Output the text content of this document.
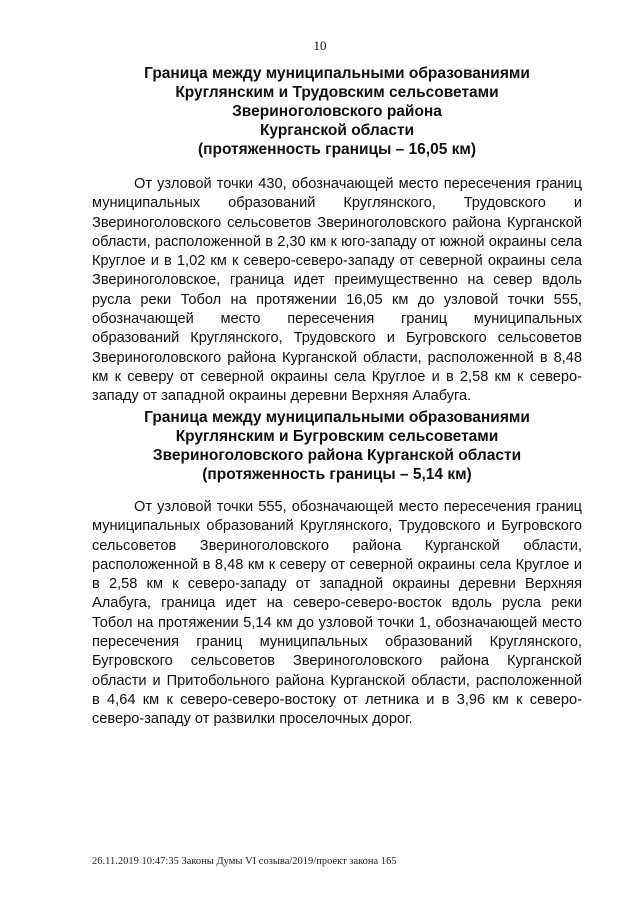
10
Граница между муниципальными образованиями
Круглянским и Трудовским сельсоветами
Звериноголовского района
Курганской области
(протяженность границы – 16,05 км)

От узловой точки 430, обозначающей место пересечения границ муниципальных образований Круглянского, Трудовского и Звериноголовского сельсоветов Звериноголовского района Курганской области, расположенной в 2,30 км к юго-западу от южной окраины села Круглое и в 1,02 км к северо-северо-западу от северной окраины села Звериноголовское, граница идет преимущественно на север вдоль русла реки Тобол на протяжении 16,05 км до узловой точки 555, обозначающей место пересечения границ муниципальных образований Круглянского, Трудовского и Бугровского сельсоветов Звериноголовского района Курганской области, расположенной в 8,48 км к северу от северной окраины села Круглое и в 2,58 км к северо-западу от западной окраины деревни Верхняя Алабуга.

Граница между муниципальными образованиями
Круглянским и Бугровским сельсоветами
Звериноголовского района Курганской области
(протяженность границы – 5,14 км)

От узловой точки 555, обозначающей место пересечения границ муниципальных образований Круглянского, Трудовского и Бугровского сельсоветов Звериноголовского района Курганской области, расположенной в 8,48 км к северу от северной окраины села Круглое и в 2,58 км к северо-западу от западной окраины деревни Верхняя Алабуга, граница идет на северо-северо-восток вдоль русла реки Тобол на протяжении 5,14 км до узловой точки 1, обозначающей место пересечения границ муниципальных образований Круглянского, Бугровского сельсоветов Звериноголовского района Курганской области и Притобольного района Курганской области, расположенной в 4,64 км к северо-северо-востоку от летника и в 3,96 км к северо-северо-западу от развилки проселочных дорог.

26.11.2019 10:47:35 Законы Думы VI созыва/2019/проект закона 165
